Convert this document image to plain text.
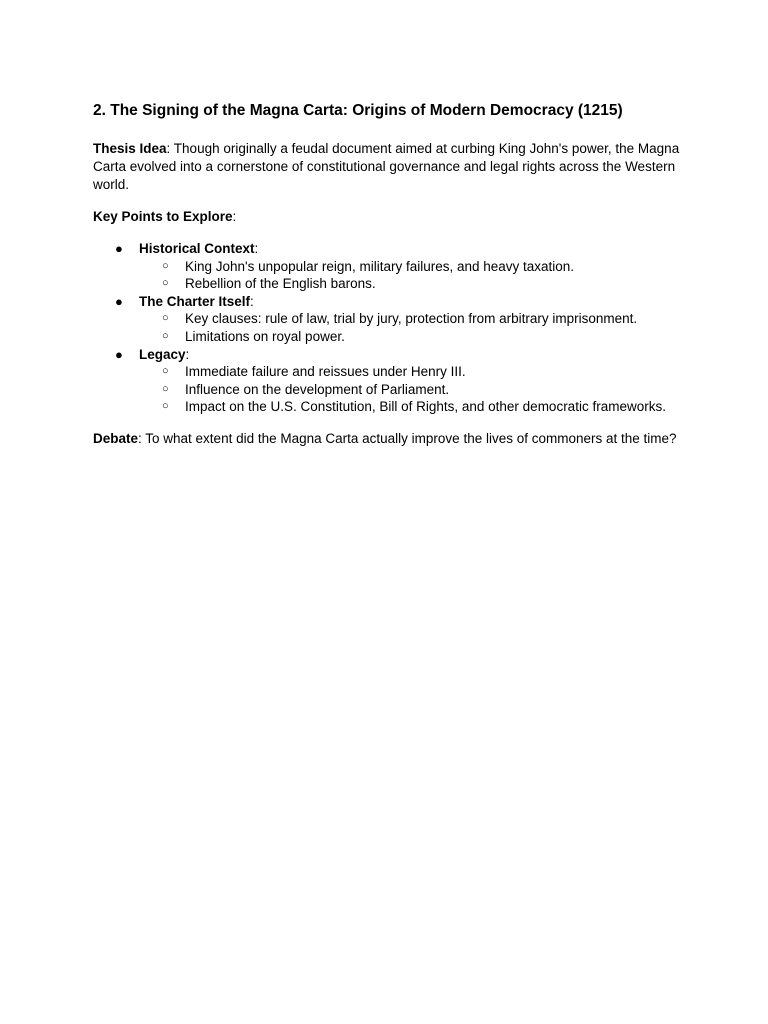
2. The Signing of the Magna Carta: Origins of Modern Democracy (1215)

Thesis Idea: Though originally a feudal document aimed at curbing King John's power, the Magna Carta evolved into a cornerstone of constitutional governance and legal rights across the Western world.

Key Points to Explore:

● Historical Context:
○ King John's unpopular reign, military failures, and heavy taxation.
○ Rebellion of the English barons.
● The Charter Itself:
○ Key clauses: rule of law, trial by jury, protection from arbitrary imprisonment.
○ Limitations on royal power.
● Legacy:
○ Immediate failure and reissues under Henry III.
○ Influence on the development of Parliament.
○ Impact on the U.S. Constitution, Bill of Rights, and other democratic frameworks.

Debate: To what extent did the Magna Carta actually improve the lives of commoners at the time?
